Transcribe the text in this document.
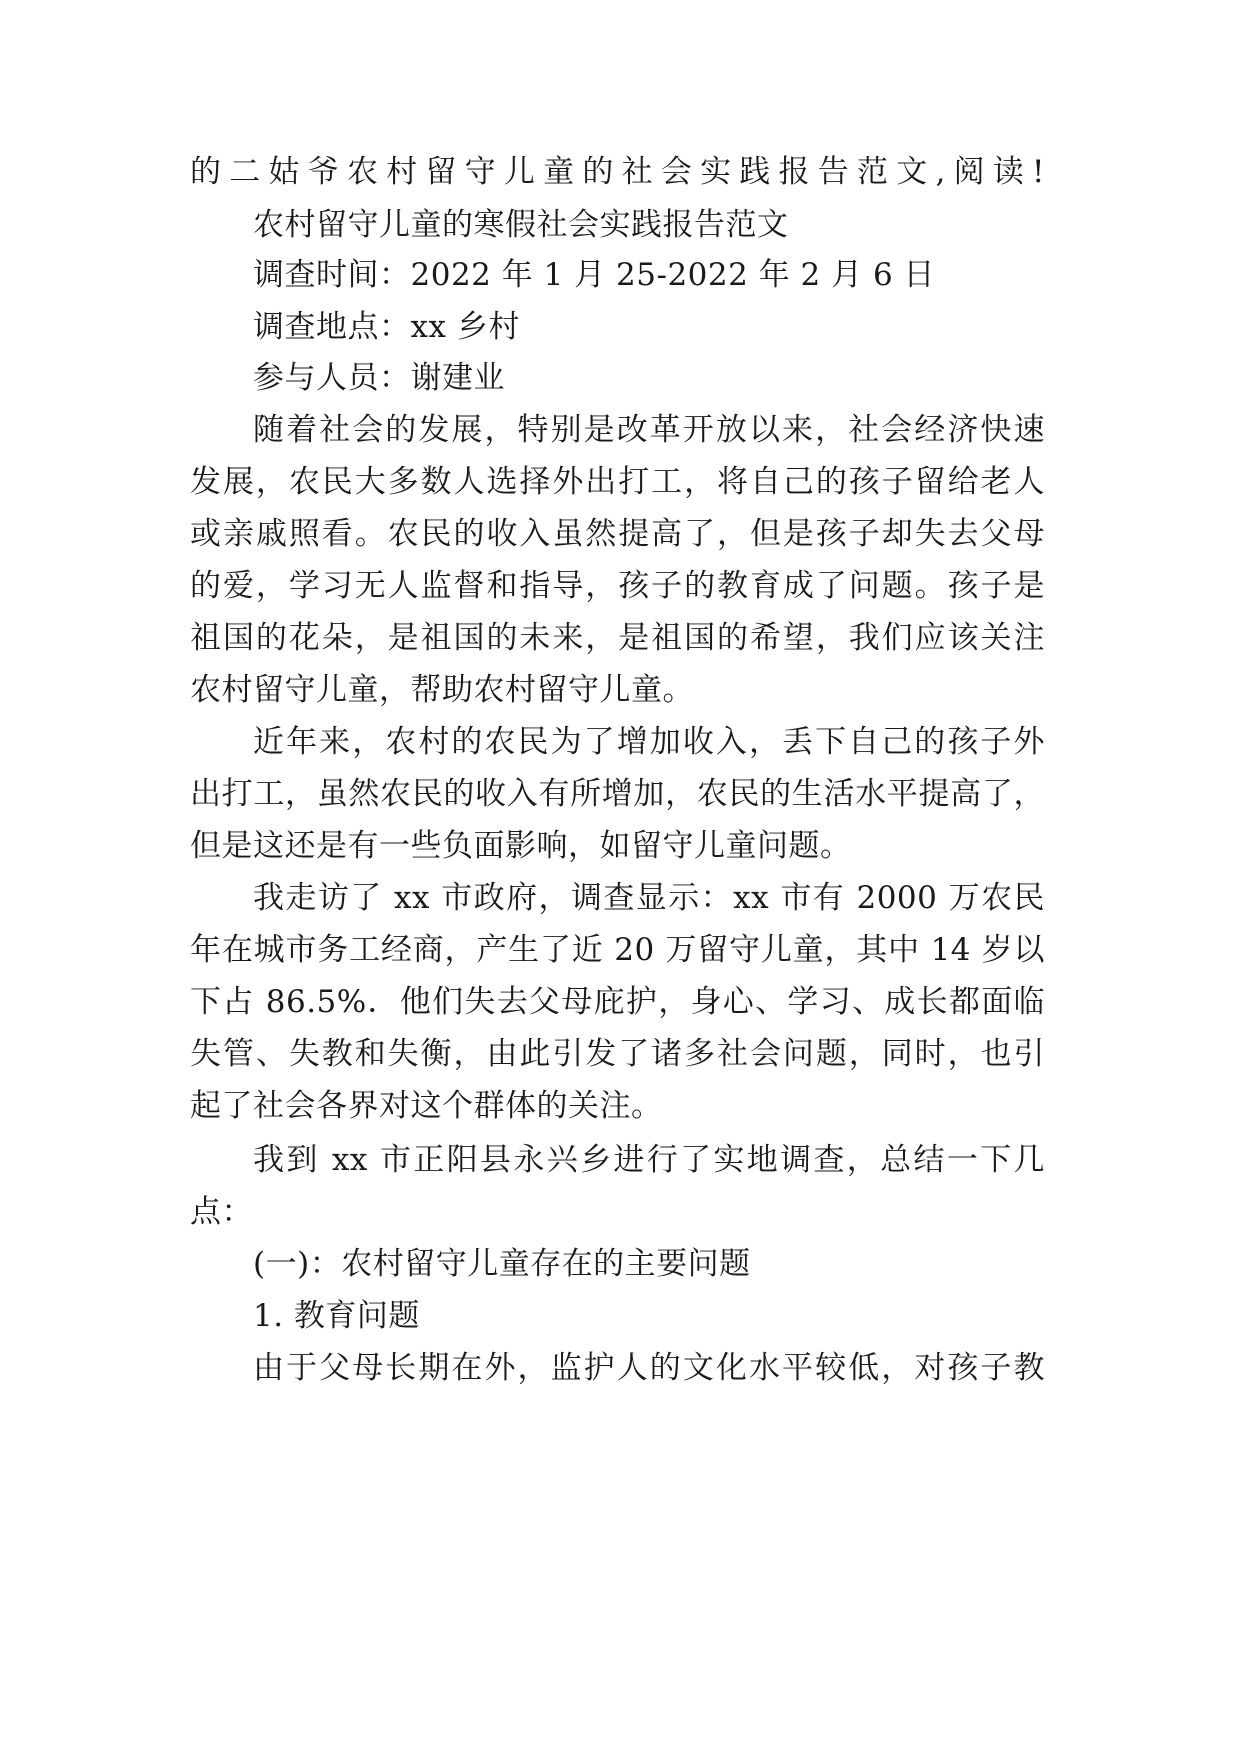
的二姑爷农村留守儿童的社会实践报告范文,阅读!
农村留守儿童的寒假社会实践报告范文
调查时间：2022 年 1 月 25-2022 年 2 月 6 日
调查地点：xx 乡村
参与人员：谢建业
随着社会的发展，特别是改革开放以来，社会经济快速
发展，农民大多数人选择外出打工，将自己的孩子留给老人
或亲戚照看。农民的收入虽然提高了，但是孩子却失去父母
的爱，学习无人监督和指导，孩子的教育成了问题。孩子是
祖国的花朵，是祖国的未来，是祖国的希望，我们应该关注
农村留守儿童，帮助农村留守儿童。
近年来，农村的农民为了增加收入，丢下自己的孩子外
出打工，虽然农民的收入有所增加，农民的生活水平提高了，
但是这还是有一些负面影响，如留守儿童问题。
我走访了 xx 市政府，调查显示：xx 市有 2000 万农民
年在城市务工经商，产生了近 20 万留守儿童，其中 14 岁以
下占 86.5%．他们失去父母庇护，身心、学习、成长都面临
失管、失教和失衡，由此引发了诸多社会问题，同时，也引
起了社会各界对这个群体的关注。
我到 xx 市正阳县永兴乡进行了实地调查，总结一下几
点：
(一)：农村留守儿童存在的主要问题
1. 教育问题
由于父母长期在外，监护人的文化水平较低，对孩子教
